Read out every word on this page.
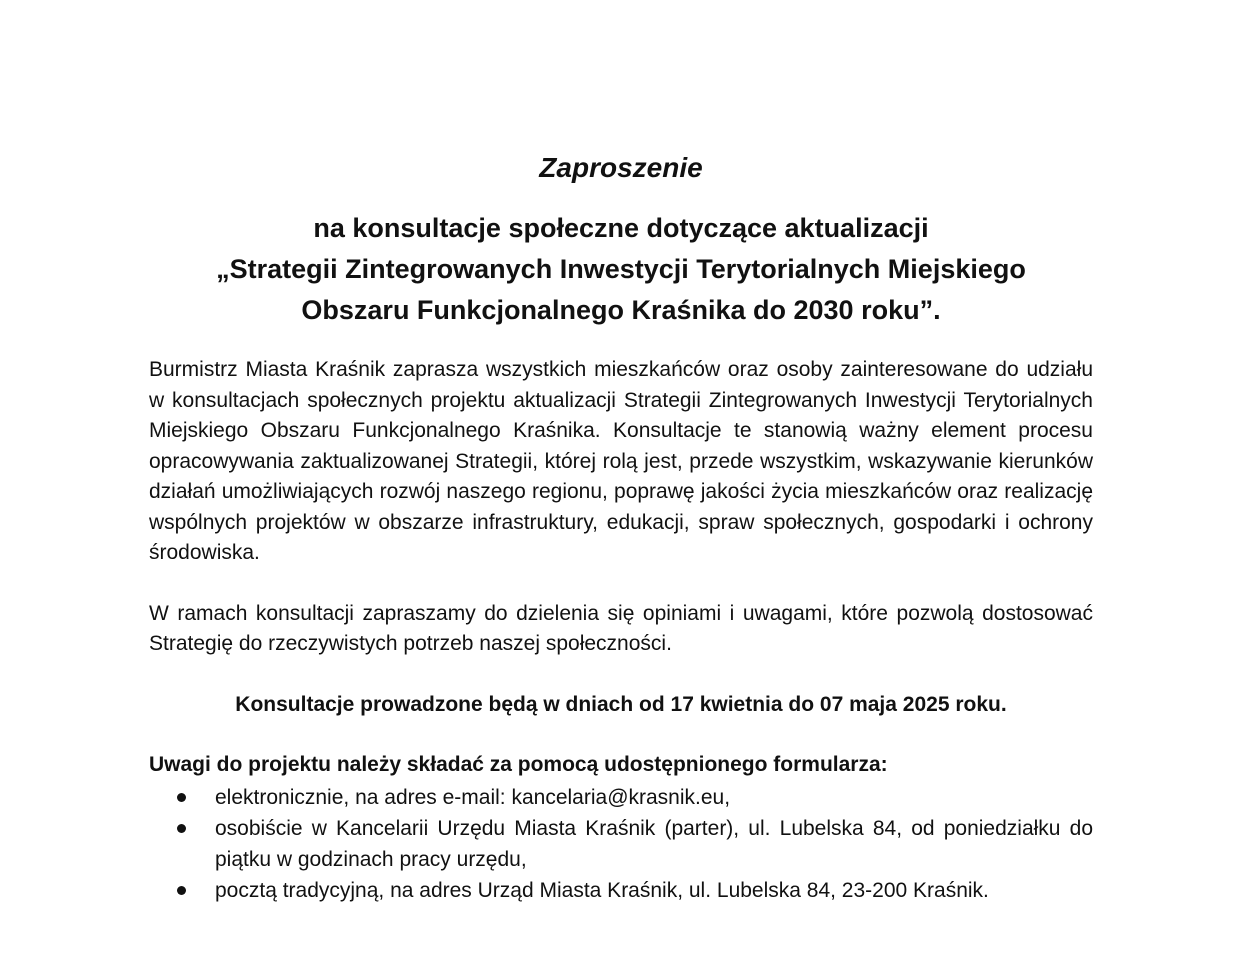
Zaproszenie
na konsultacje społeczne dotyczące aktualizacji
„Strategii Zintegrowanych Inwestycji Terytorialnych Miejskiego
Obszaru Funkcjonalnego Kraśnika do 2030 roku”.

Burmistrz Miasta Kraśnik zaprasza wszystkich mieszkańców oraz osoby zainteresowane do udziału w konsultacjach społecznych projektu aktualizacji Strategii Zintegrowanych Inwestycji Terytorialnych Miejskiego Obszaru Funkcjonalnego Kraśnika. Konsultacje te stanowią ważny element procesu opracowywania zaktualizowanej Strategii, której rolą jest, przede wszystkim, wskazywanie kierunków działań umożliwiających rozwój naszego regionu, poprawę jakości życia mieszkańców oraz realizację wspólnych projektów w obszarze infrastruktury, edukacji, spraw społecznych, gospodarki i ochrony środowiska.

W ramach konsultacji zapraszamy do dzielenia się opiniami i uwagami, które pozwolą dostosować Strategię do rzeczywistych potrzeb naszej społeczności.

Konsultacje prowadzone będą w dniach od 17 kwietnia do 07 maja 2025 roku.

Uwagi do projektu należy składać za pomocą udostępnionego formularza:

elektronicznie, na adres e-mail: kancelaria@krasnik.eu,
osobiście w Kancelarii Urzędu Miasta Kraśnik (parter), ul. Lubelska 84, od poniedziałku do piątku w godzinach pracy urzędu,
pocztą tradycyjną, na adres Urząd Miasta Kraśnik, ul. Lubelska 84, 23-200 Kraśnik.
